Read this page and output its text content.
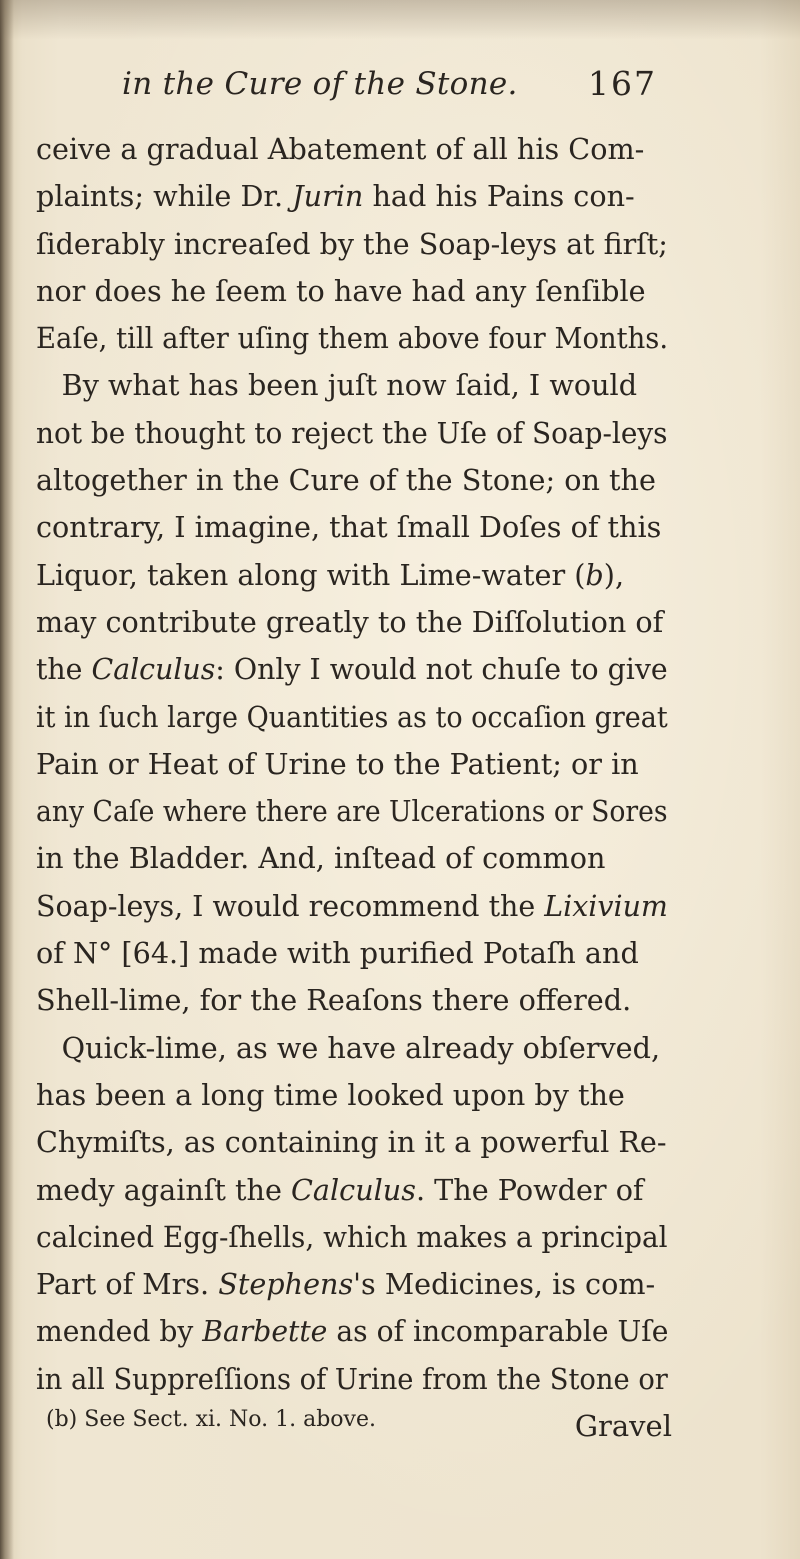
in the Cure of the Stone. 167
ceive a gradual Abatement of all his Com-
plaints; while Dr. Jurin had his Pains con-
ſiderably increaſed by the Soap-leys at firſt;
nor does he ſeem to have had any ſenſible
Eaſe, till after uſing them above four Months.
By what has been juſt now ſaid, I would
not be thought to reject the Uſe of Soap-leys
altogether in the Cure of the Stone; on the
contrary, I imagine, that ſmall Doſes of this
Liquor, taken along with Lime-water (b),
may contribute greatly to the Diſſolution of
the Calculus: Only I would not chuſe to give
it in ſuch large Quantities as to occaſion great
Pain or Heat of Urine to the Patient; or in
any Caſe where there are Ulcerations or Sores
in the Bladder. And, inſtead of common
Soap-leys, I would recommend the Lixivium
of N° [64.] made with purified Potaſh and
Shell-lime, for the Reaſons there offered.
Quick-lime, as we have already obſerved,
has been a long time looked upon by the
Chymiſts, as containing in it a powerful Re-
medy againſt the Calculus. The Powder of
calcined Egg-ſhells, which makes a principal
Part of Mrs. Stephens's Medicines, is com-
mended by Barbette as of incomparable Uſe
in all Suppreſſions of Urine from the Stone or
Gravel
(b) See Sect. xi. No. 1. above.
